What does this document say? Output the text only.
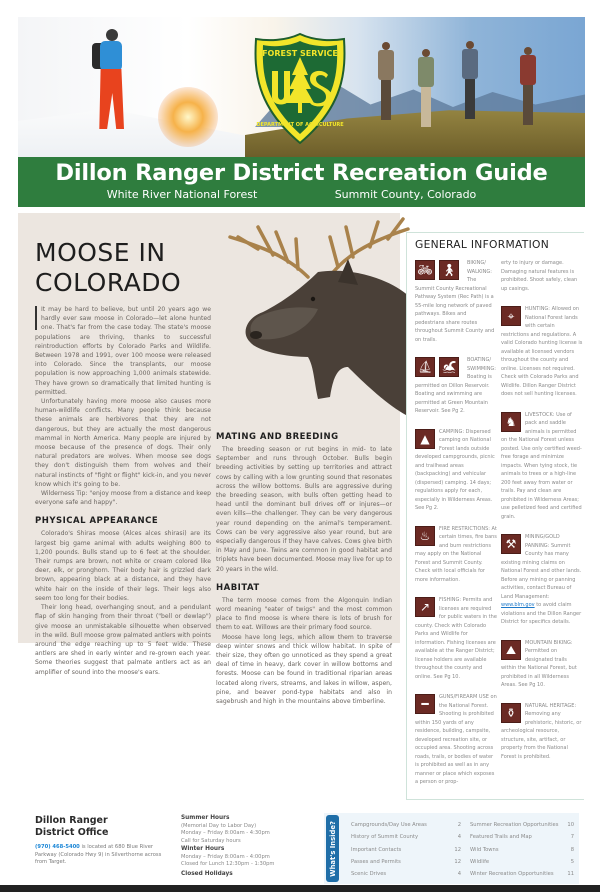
FOREST SERVICE
DEPARTMENT OF AGRICULTURE
Dillon Ranger District Recreation Guide
White River National Forest	Summit County, Colorado
MOOSE IN
COLORADO

It may be hard to believe, but until 20 years ago we hardly ever saw moose in Colorado—let alone hunted one. That's far from the case today. The state's moose populations are thriving, thanks to successful reintroduction efforts by Colorado Parks and Wildlife. Between 1978 and 1991, over 100 moose were released into Colorado. Since the transplants, our moose population is now approaching 1,000 animals statewide. They have grown so dramatically that limited hunting is permitted.

Unfortunately having more moose also causes more human-wildlife conflicts. Many people think because these animals are herbivores that they are not dangerous, but they are actually the most dangerous mammal in North America. Many people are injured by moose because of the presence of dogs. Their only natural predators are wolves. When moose see dogs they don't distinguish them from wolves and their natural instincts of "fight or flight" kick-in, and you never know which it's going to be.

Wilderness Tip: "enjoy moose from a distance and keep everyone safe and happy".

PHYSICAL APPEARANCE

Colorado's Shiras moose (Alces alces shirasi) are its largest big game animal with adults weighing 800 to 1,200 pounds. Bulls stand up to 6 feet at the shoulder. Their rumps are brown, not white or cream colored like deer, elk, or pronghorn. Their body hair is grizzled dark brown, appearing black at a distance, and they have white hair on the inside of their legs. Their legs also seem too long for their bodies.

Their long head, overhanging snout, and a pendulant flap of skin hanging from their throat ("bell or dewlap") give moose an unmistakable silhouette when observed in the wild. Bull moose grow palmated antlers with points around the edge reaching up to 5 feet wide. These antlers are shed in early winter and re-grown each year. Some theories suggest that palmate antlers act as an amplifier of sound into the moose's ears.

MATING AND BREEDING

The breeding season or rut begins in mid- to late September and runs through October. Bulls begin breeding activities by setting up territories and attract cows by calling with a low grunting sound that resonates across the willow bottoms. Bulls are aggressive during the breeding season, with bulls often getting head to head until the dominant bull drives off or injures—or even kills—the challenger. They can be very dangerous year round depending on the animal's temperament. Cows can be very aggressive also year round, but are especially dangerous if they have calves. Cows give birth in May and June. Twins are common in good habitat and triplets have been documented. Moose may live for up to 20 years in the wild.

HABITAT

The term moose comes from the Algonquin Indian word meaning "eater of twigs" and the most common place to find moose is where there is lots of brush for them to eat. Willows are their primary food source.

Moose have long legs, which allow them to traverse deep winter snows and thick willow habitat. In spite of their size, they often go unnoticed as they spend a great deal of time in heavy, dark cover in willow bottoms and forests. Moose can be found in traditional riparian areas located along rivers, streams, and lakes in willow, aspen, pine, and beaver pond-type habitats and also in sagebrush and high in the mountains above timberline.

GENERAL INFORMATION
🚲︎ 🚶︎	BIKING/ WALKING: The Summit County Recreational Pathway System (Rec Path) is a 55-mile long network of paved pathways. Bikes and pedestrians share routes throughout Summit County and on trails.
⛵︎ 🏊︎	BOATING/ SWIMMING: Boating is permitted on Dillon Reservoir. Boating and swimming are permitted at Green Mountain Reservoir. See Pg 2.
▲	CAMPING: Dispersed camping on National Forest lands outside developed campgrounds, picnic and trailhead areas (backpacking) and vehicular (dispersed) camping. 14 days; regulations apply for each, especially in Wilderness Areas. See Pg 2.
♨	FIRE RESTRICTIONS: At certain times, fire bans and burn restrictions may apply on the National Forest and Summit County. Check with local officials for more information.
↗	FISHING: Permits and licenses are required for public waters in the county. Check with Colorado Parks and Wildlife for information. Fishing licenses are available at the Ranger District; license holders are available throughout the county and online. See Pg 10.
━	GUNS/FIREARM USE on the National Forest. Shooting is prohibited within 150 yards of any residence, building, campsite, developed recreation site, or occupied area. Shooting across roads, trails, or bodies of water is prohibited as well as in any manner or place which exposes a person or prop-
erty to injury or damage. Damaging natural features is prohibited. Shoot safely, clean up casings.
⌖	HUNTING: Allowed on National Forest lands with certain restrictions and regulations. A valid Colorado hunting license is available at licensed vendors throughout the county and online. Licenses not required. Check with Colorado Parks and Wildlife. Dillon Ranger District does not sell hunting licenses.
♞	LIVESTOCK: Use of pack and saddle animals is permitted on the National Forest unless posted. Use only certified weed-free forage and minimize impacts. When tying stock, tie animals to trees or a high-line 200 feet away from water or trails. Pay and clean are prohibited in Wilderness Areas; use pelletized feed and certified grain.
⚒	MINING/GOLD PANNING: Summit County has many existing mining claims on National Forest and other lands. Before any mining or panning activities, contact Bureau of Land Management: www.blm.gov to avoid claim violations and the Dillon Ranger District for specifics details.
⛰	MOUNTAIN BIKING: Permitted on designated trails within the National Forest, but prohibited in all Wilderness Areas. See Pg 10.
⚱	NATURAL HERITAGE: Removing any prehistoric, historic, or archeological resource, structure, site, artifact, or property from the National Forest is prohibited.
Dillon Ranger
District Office
(970) 468-5400 is located at 680 Blue River Parkway (Colorado Hwy 9) in Silverthorne across from Target.
Summer Hours
(Memorial Day to Labor Day)
Monday – Friday 8:00am - 4:30pm
Call for Saturday hours
Winter Hours
Monday – Friday 8:00am - 4:00pm
Closed for Lunch 12:30pm - 1:30pm
Closed Holidays	What's Inside?	Campgrounds/Day Use Areas	2
History of Summit County	4
Important Contacts	12
Passes and Permits	12
Scenic Drives	4
Summer Recreation Opportunities 10
Featured Trails and Map	7
Wild Towns	8
Wildlife	5
Winter Recreation Opportunities	11
